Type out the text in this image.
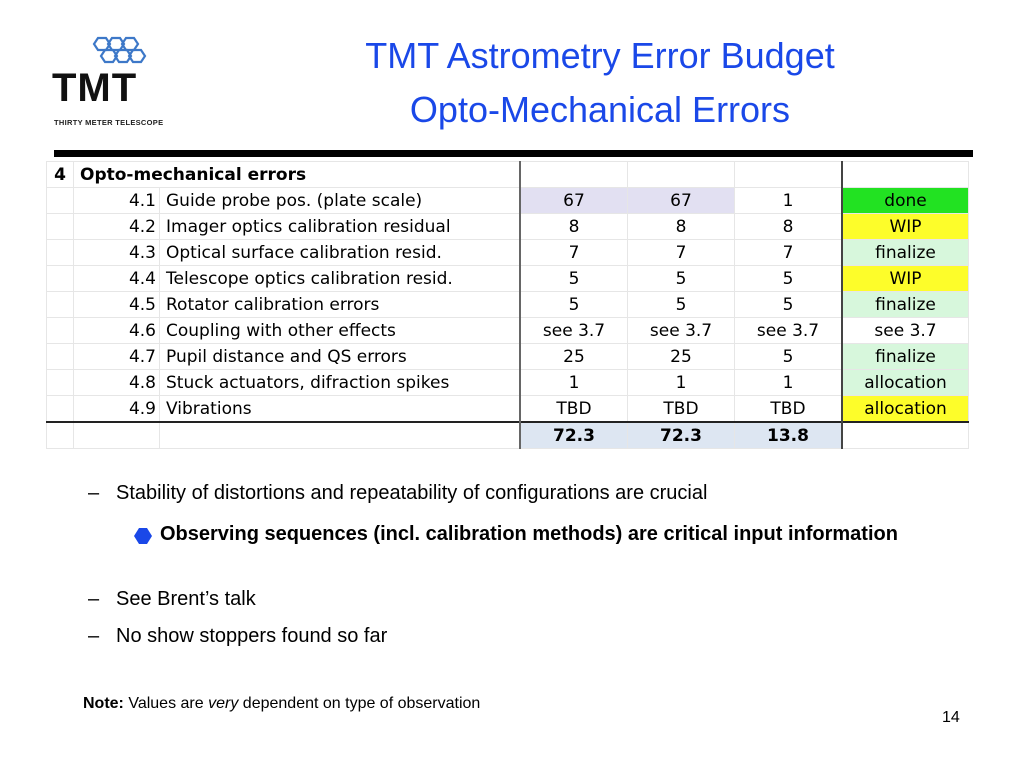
TMT
THIRTY METER TELESCOPE
TMT Astrometry Error Budget
Opto-Mechanical Errors
4	Opto-mechanical errors					
	4.1	Guide probe pos. (plate scale)	67	67	1	done
	4.2	Imager optics calibration residual	8	8	8	WIP
	4.3	Optical surface calibration resid.	7	7	7	finalize
	4.4	Telescope optics calibration resid.	5	5	5	WIP
	4.5	Rotator calibration errors	5	5	5	finalize
	4.6	Coupling with other effects	see 3.7	see 3.7	see 3.7	see 3.7
	4.7	Pupil distance and QS errors	25	25	5	finalize
	4.8	Stuck actuators, difraction spikes	1	1	1	allocation
	4.9	Vibrations	TBD	TBD	TBD	allocation
			72.3	72.3	13.8	
– Stability of distortions and repeatability of configurations are crucial
Observing sequences (incl. calibration methods) are critical input information
– See Brent’s talk
– No show stoppers found so far
Note: Values are very dependent on type of observation
14
